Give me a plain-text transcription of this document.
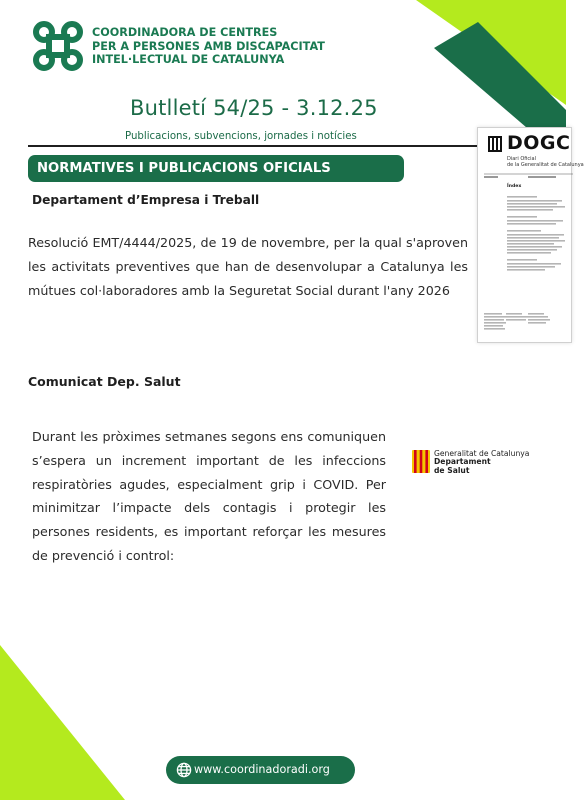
COORDINADORA DE CENTRES
PER A PERSONES AMB DISCAPACITAT
INTEL·LECTUAL DE CATALUNYA
Butlletí 54/25 - 3.12.25
Publicacions, subvencions, jornades i notícies
NORMATIVES I PUBLICACIONS OFICIALS
Departament d’Empresa i Treball
Resolució EMT/4444/2025, de 19 de novembre, per la qual s'aproven les activitats preventives que han de desenvolupar a Catalunya les mútues col·laboradores amb la Seguretat Social durant l'any 2026
DOGC
Diari Oficial
de la Generalitat de Catalunya
Índex
Comunicat Dep. Salut
Durant les pròximes setmanes segons ens comuniquen s’espera un increment important de les infeccions respiratòries agudes, especialment grip i COVID. Per minimitzar l’impacte dels contagis i protegir les persones residents, es important reforçar les mesures de prevenció i control:
Generalitat de Catalunya
Departament
de Salut
www.coordinadoradi.org
